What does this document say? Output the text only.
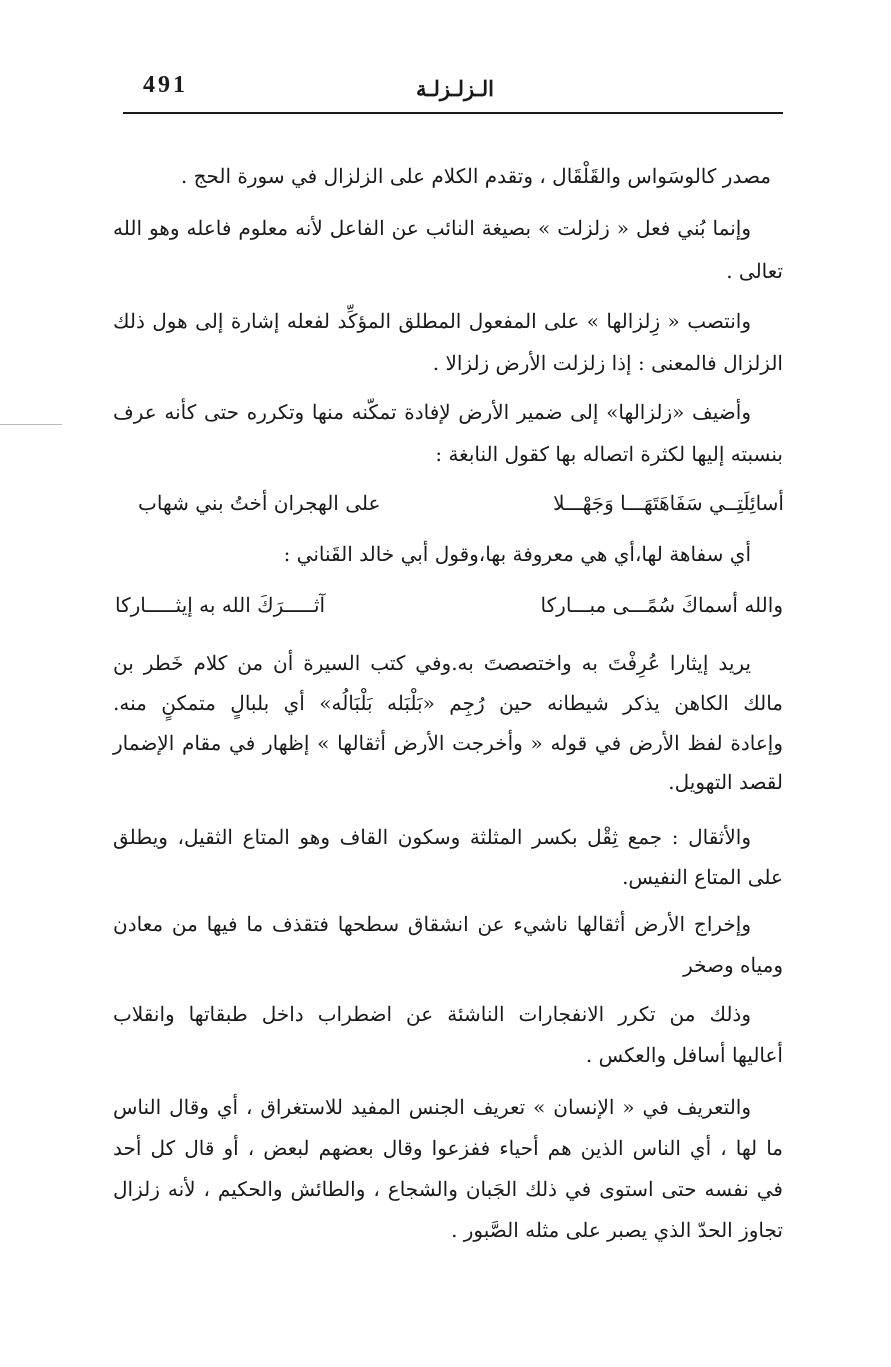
491	الـزلـزلـة
مصدر كالوسَواس والقَلْقَال ، وتقدم الكلام على الزلزال في سورة الحج .
وإنما بُني فعل « زلزلت » بصيغة النائب عن الفاعل لأنه معلوم فاعله وهو الله
تعالى .
وانتصب « زِلزالها » على المفعول المطلق المؤكِّد لفعله إشارة إلى هول ذلك
الزلزال فالمعنى : إذا زلزلت الأرض زلزالا .
وأضيف «زلزالها» إلى ضمير الأرض لإفادة تمكّنه منها وتكرره حتى كأنه عرف
بنسبته إليها لكثرة اتصاله بها كقول النابغة :
أسائِلَتِــي سَفَاهَتَهَـــا وَجَهْـــلا
على الهجران أختُ بني شهاب
أي سفاهة لها،أي هي معروفة بها،وقول أبي خالد القَناني :
والله أسماكَ سُمًـــى مبـــاركا
آثـــــرَكَ الله به إيثـــــاركا
يريد إيثارا عُرِفْتَ به واختصصتَ به.وفي كتب السيرة أن من كلام خَطر بن
مالك الكاهن يذكر شيطانه حين رُجِم «بَلْبَله بَلْبَالُه» أي بلبالٍ متمكنٍ منه.
وإعادة لفظ الأرض في قوله « وأخرجت الأرض أثقالها » إظهار في مقام الإضمار
لقصد التهويل.
والأثقال : جمع ثِقْل بكسر المثلثة وسكون القاف وهو المتاع الثقيل، ويطلق
على المتاع النفيس.
وإخراج الأرض أثقالها ناشيء عن انشقاق سطحها فتقذف ما فيها من معادن
ومياه وصخر
وذلك من تكرر الانفجارات الناشئة عن اضطراب داخل طبقاتها وانقلاب
أعاليها أسافل والعكس .
والتعريف في « الإنسان » تعريف الجنس المفيد للاستغراق ، أي وقال الناس
ما لها ، أي الناس الذين هم أحياء ففزعوا وقال بعضهم لبعض ، أو قال كل أحد
في نفسه حتى استوى في ذلك الجَبان والشجاع ، والطائش والحكيم ، لأنه زلزال
تجاوز الحدّ الذي يصبر على مثله الصَّبور .
